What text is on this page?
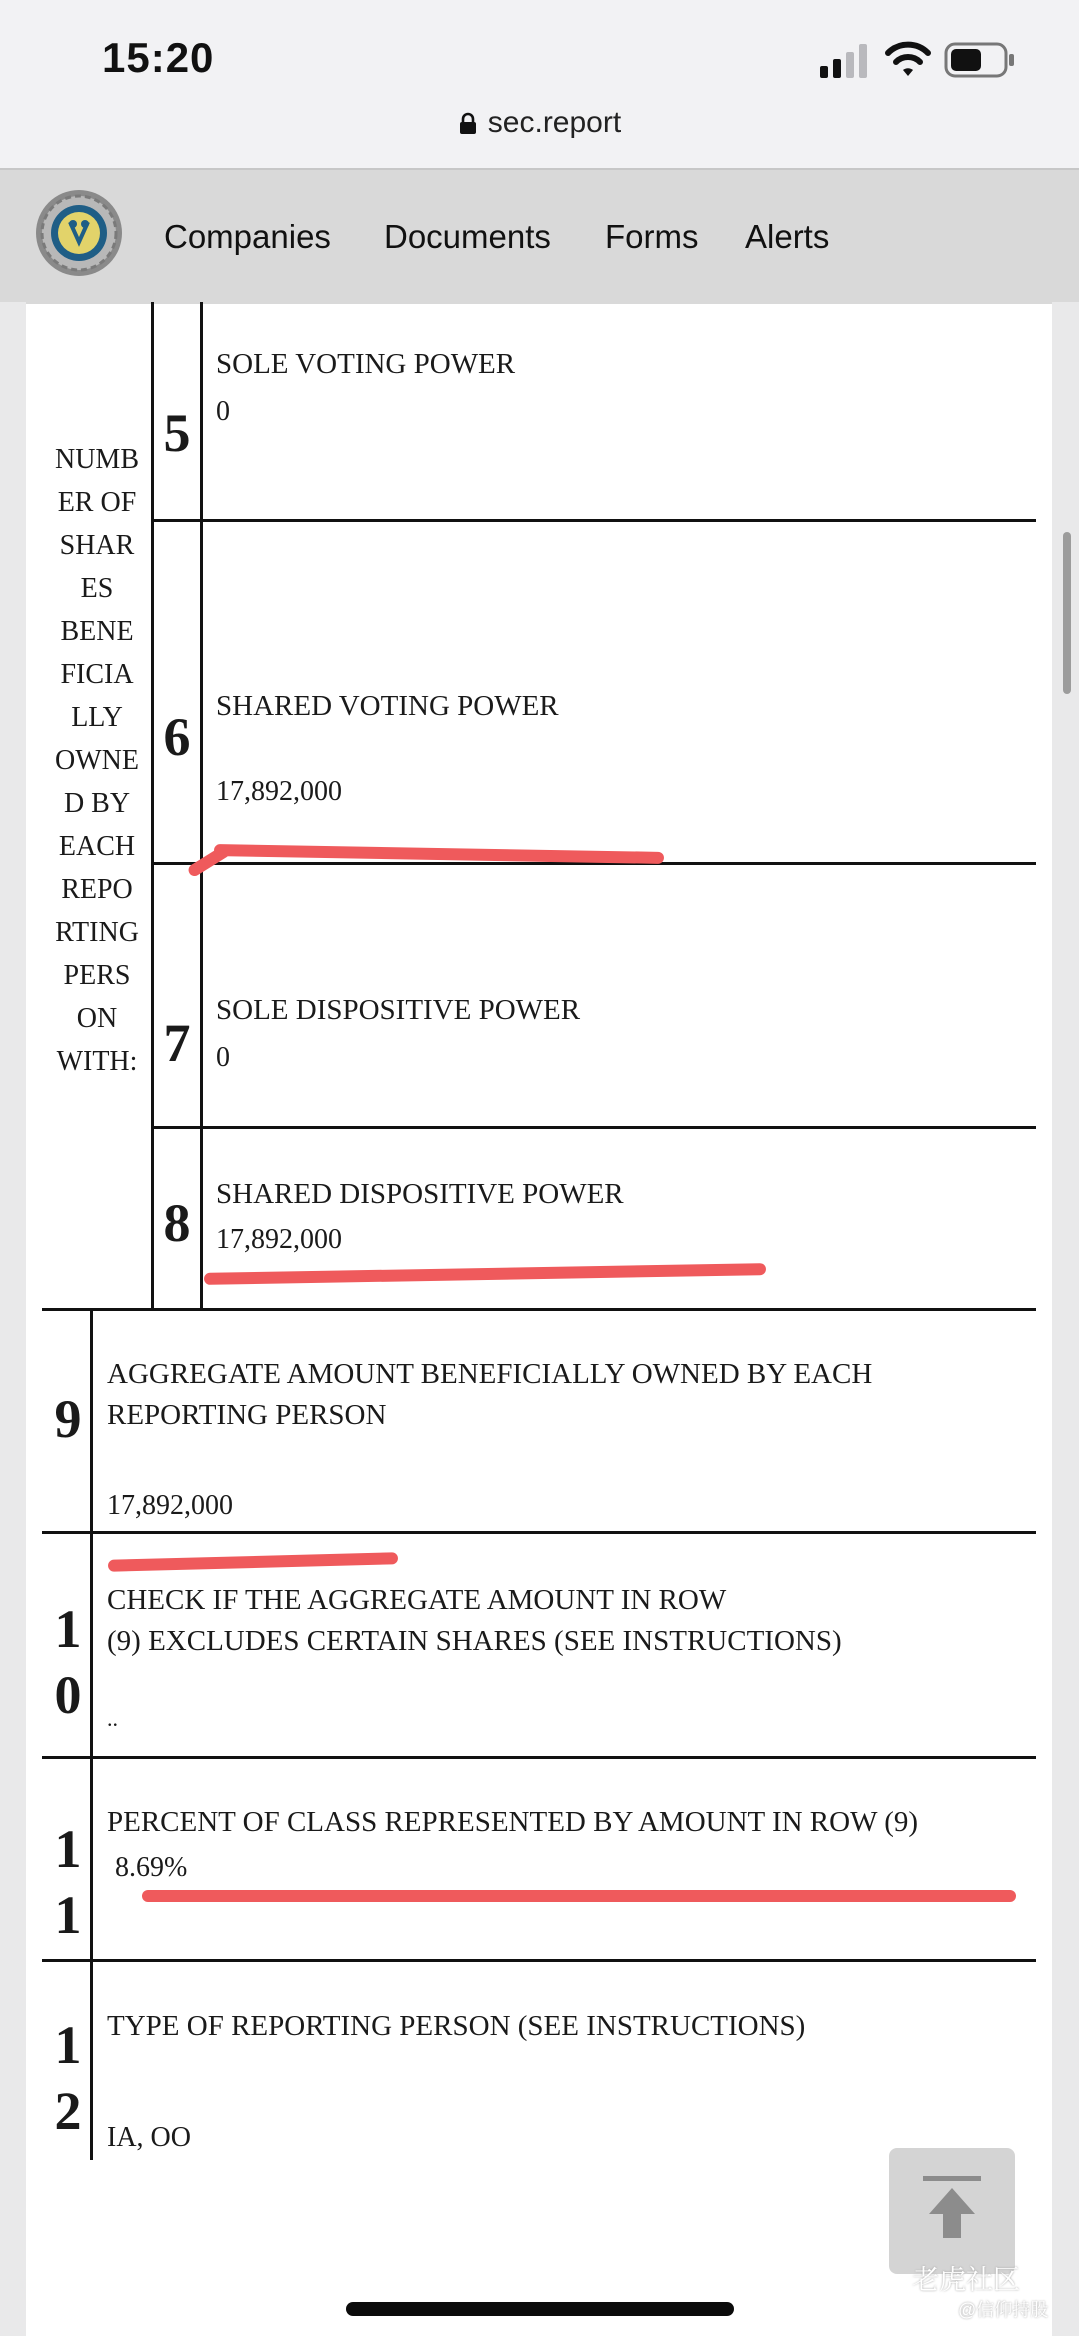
15:20
sec.report
Companies Documents Forms Alerts
NUMB
ER OF
SHAR
ES
BENE
FICIA
LLY
OWNE
D BY
EACH
REPO
RTING
PERS
ON
WITH:
5
SOLE VOTING POWER
0
6
SHARED VOTING POWER
17,892,000
7
SOLE DISPOSITIVE POWER
0
8 SHARED DISPOSITIVE POWER
17,892,000
9
AGGREGATE AMOUNT BENEFICIALLY OWNED BY EACH
REPORTING PERSON
17,892,000
1
0
CHECK IF THE AGGREGATE AMOUNT IN ROW
(9) EXCLUDES CERTAIN SHARES (SEE INSTRUCTIONS)
..
1
1
PERCENT OF CLASS REPRESENTED BY AMOUNT IN ROW (9)
8.69%
1
2
TYPE OF REPORTING PERSON (SEE INSTRUCTIONS)
IA, OO
老虎社区
@信仰持股
